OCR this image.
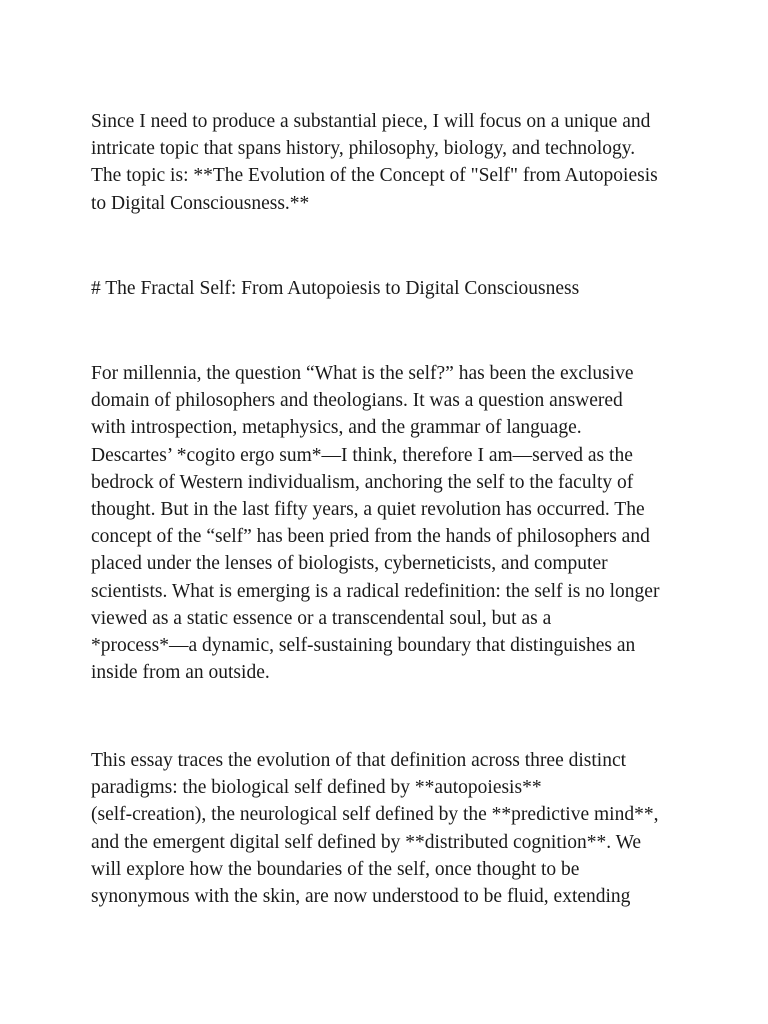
Since I need to produce a substantial piece, I will focus on a unique and
intricate topic that spans history, philosophy, biology, and technology.
The topic is: **The Evolution of the Concept of "Self" from Autopoiesis
to Digital Consciousness.**

# The Fractal Self: From Autopoiesis to Digital Consciousness

For millennia, the question “What is the self?” has been the exclusive
domain of philosophers and theologians. It was a question answered
with introspection, metaphysics, and the grammar of language.
Descartes’ *cogito ergo sum*—I think, therefore I am—served as the
bedrock of Western individualism, anchoring the self to the faculty of
thought. But in the last fifty years, a quiet revolution has occurred. The
concept of the “self” has been pried from the hands of philosophers and
placed under the lenses of biologists, cyberneticists, and computer
scientists. What is emerging is a radical redefinition: the self is no longer
viewed as a static essence or a transcendental soul, but as a
*process*—a dynamic, self-sustaining boundary that distinguishes an
inside from an outside.

This essay traces the evolution of that definition across three distinct
paradigms: the biological self defined by **autopoiesis**
(self-creation), the neurological self defined by the **predictive mind**,
and the emergent digital self defined by **distributed cognition**. We
will explore how the boundaries of the self, once thought to be
synonymous with the skin, are now understood to be fluid, extending
